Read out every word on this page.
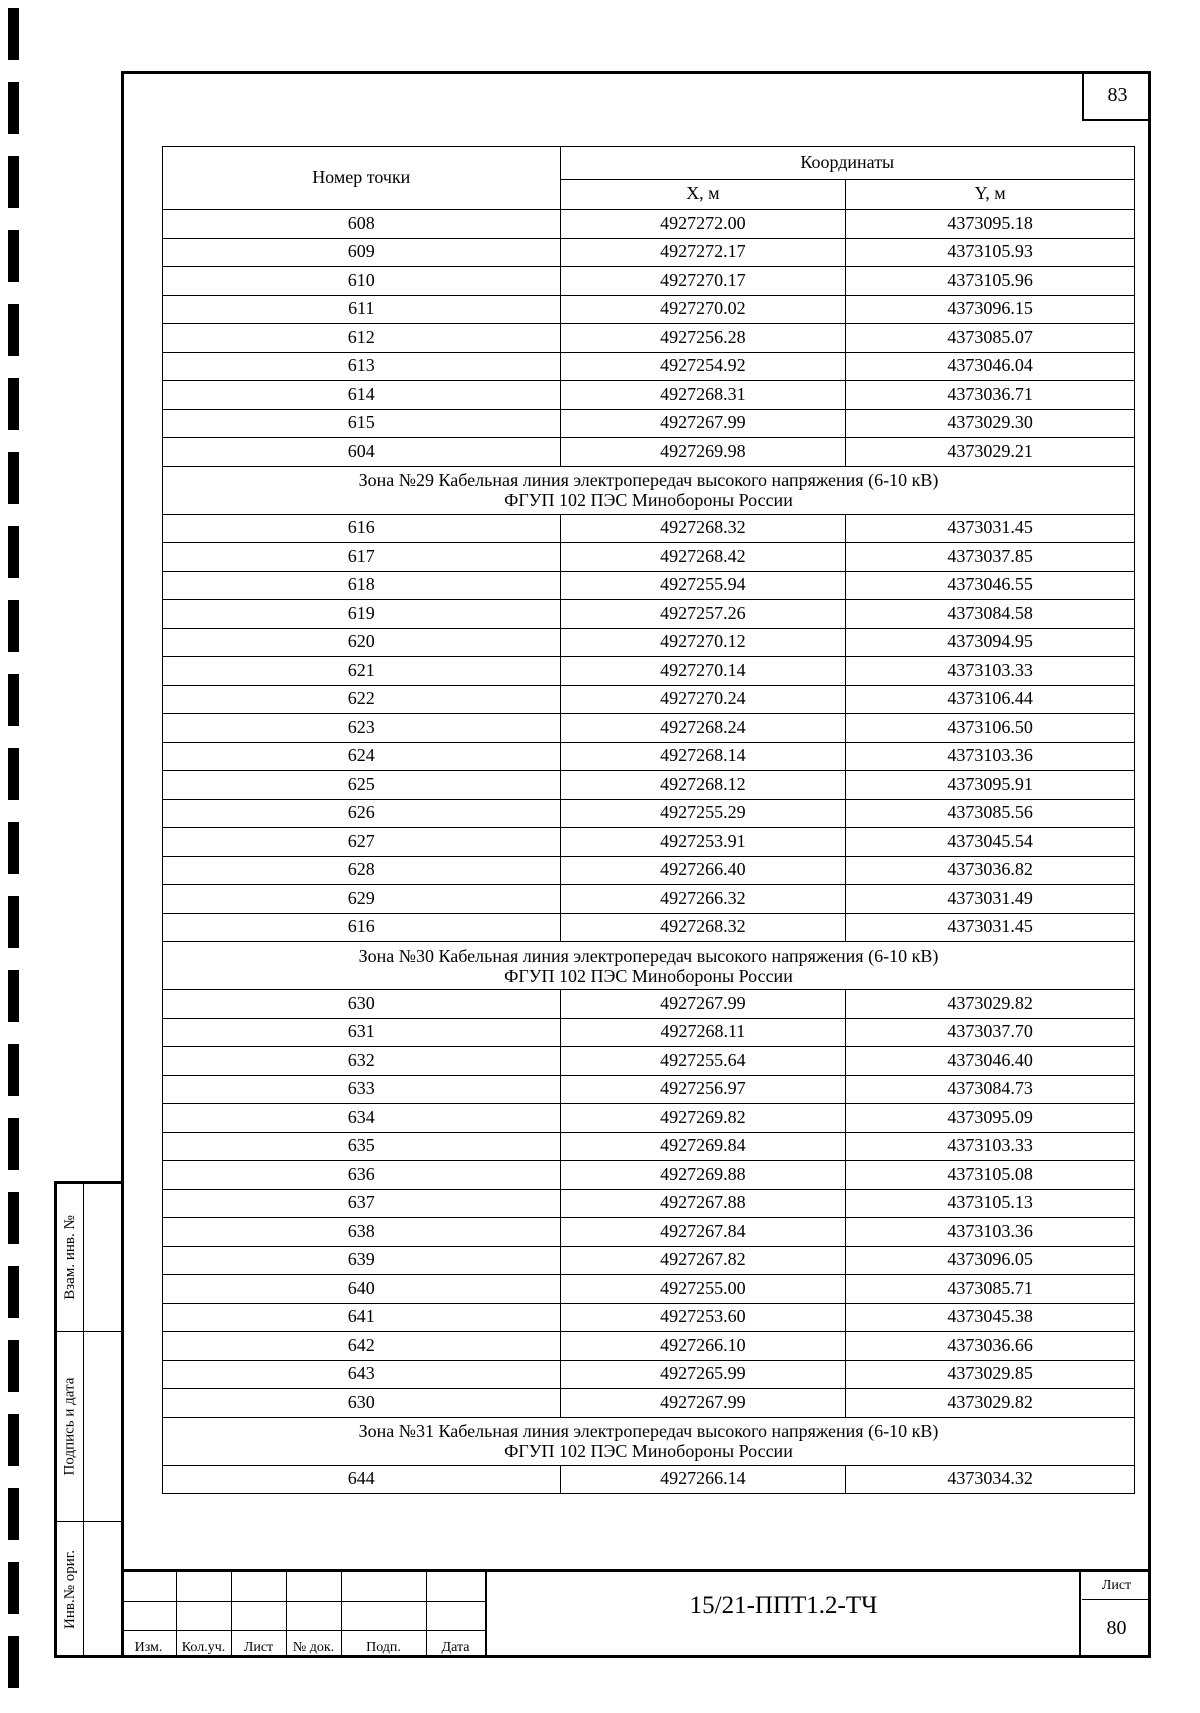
83
Номер точки	Координаты	
	X, м	Y, м
608	4927272.00	4373095.18
609	4927272.17	4373105.93
610	4927270.17	4373105.96
611	4927270.02	4373096.15
612	4927256.28	4373085.07
613	4927254.92	4373046.04
614	4927268.31	4373036.71
615	4927267.99	4373029.30
604	4927269.98	4373029.21

Зона №29 Кабельная линия электропередач высокого напряжения (6-10 кВ)
ФГУП 102 ПЭС Минобороны России		

616	4927268.32	4373031.45
617	4927268.42	4373037.85
618	4927255.94	4373046.55
619	4927257.26	4373084.58
620	4927270.12	4373094.95
621	4927270.14	4373103.33
622	4927270.24	4373106.44
623	4927268.24	4373106.50
624	4927268.14	4373103.36
625	4927268.12	4373095.91
626	4927255.29	4373085.56
627	4927253.91	4373045.54
628	4927266.40	4373036.82
629	4927266.32	4373031.49
616	4927268.32	4373031.45

Зона №30 Кабельная линия электропередач высокого напряжения (6-10 кВ)
ФГУП 102 ПЭС Минобороны России		

630	4927267.99	4373029.82
631	4927268.11	4373037.70
632	4927255.64	4373046.40
633	4927256.97	4373084.73
634	4927269.82	4373095.09
635	4927269.84	4373103.33
636	4927269.88	4373105.08
637	4927267.88	4373105.13
638	4927267.84	4373103.36
639	4927267.82	4373096.05
640	4927255.00	4373085.71
641	4927253.60	4373045.38
642	4927266.10	4373036.66
643	4927265.99	4373029.85
630	4927267.99	4373029.82

Зона №31 Кабельная линия электропередач высокого напряжения (6-10 кВ)
ФГУП 102 ПЭС Минобороны России		

644	4927266.14	4373034.32
Взам. инв. №
Подпись и дата
Инв.№ ориг.
Изм.	Кол.уч.	Лист	№ док.	Подп.	Дата
15/21-ППТ1.2-ТЧ
Лист
80
